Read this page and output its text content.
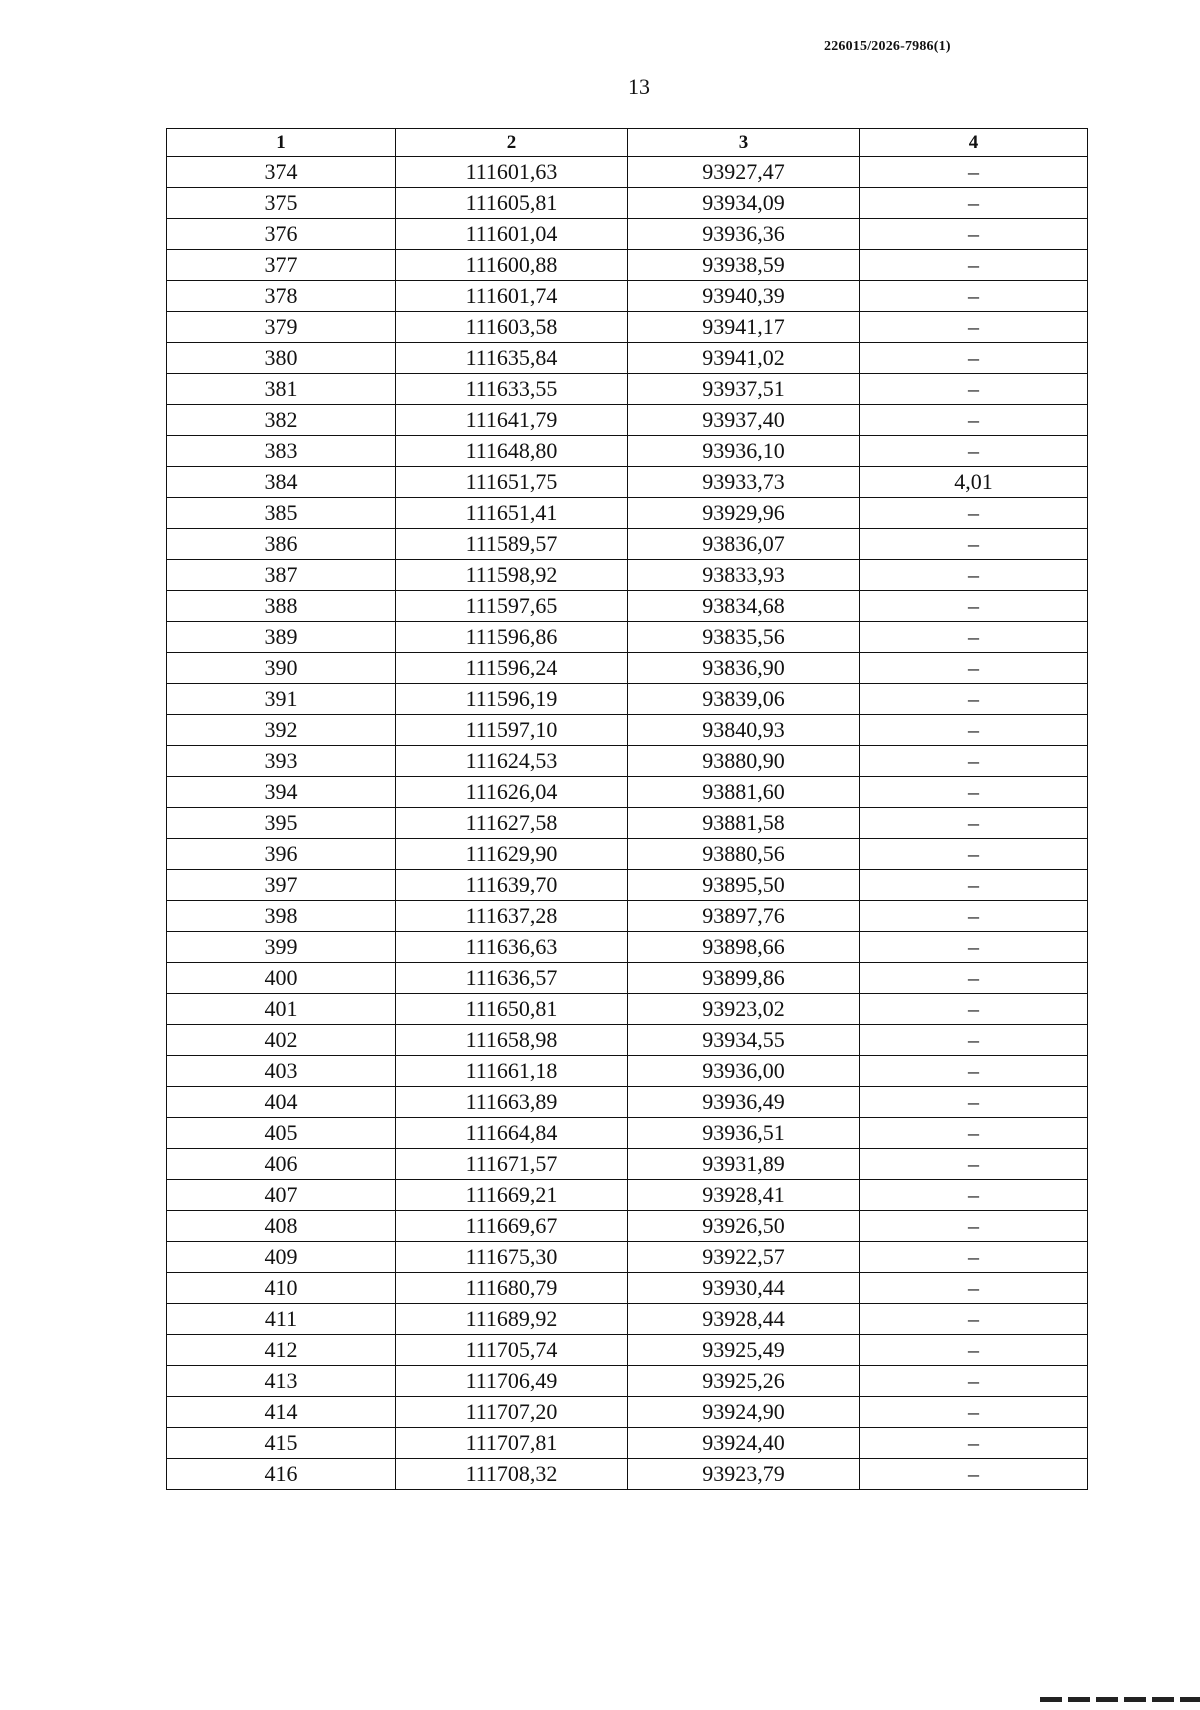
226015/2026-7986(1)
13
1	2	3	4
374	111601,63	93927,47	–
375	111605,81	93934,09	–
376	111601,04	93936,36	–
377	111600,88	93938,59	–
378	111601,74	93940,39	–
379	111603,58	93941,17	–
380	111635,84	93941,02	–
381	111633,55	93937,51	–
382	111641,79	93937,40	–
383	111648,80	93936,10	–
384	111651,75	93933,73	4,01
385	111651,41	93929,96	–
386	111589,57	93836,07	–
387	111598,92	93833,93	–
388	111597,65	93834,68	–
389	111596,86	93835,56	–
390	111596,24	93836,90	–
391	111596,19	93839,06	–
392	111597,10	93840,93	–
393	111624,53	93880,90	–
394	111626,04	93881,60	–
395	111627,58	93881,58	–
396	111629,90	93880,56	–
397	111639,70	93895,50	–
398	111637,28	93897,76	–
399	111636,63	93898,66	–
400	111636,57	93899,86	–
401	111650,81	93923,02	–
402	111658,98	93934,55	–
403	111661,18	93936,00	–
404	111663,89	93936,49	–
405	111664,84	93936,51	–
406	111671,57	93931,89	–
407	111669,21	93928,41	–
408	111669,67	93926,50	–
409	111675,30	93922,57	–
410	111680,79	93930,44	–
411	111689,92	93928,44	–
412	111705,74	93925,49	–
413	111706,49	93925,26	–
414	111707,20	93924,90	–
415	111707,81	93924,40	–
416	111708,32	93923,79	–
